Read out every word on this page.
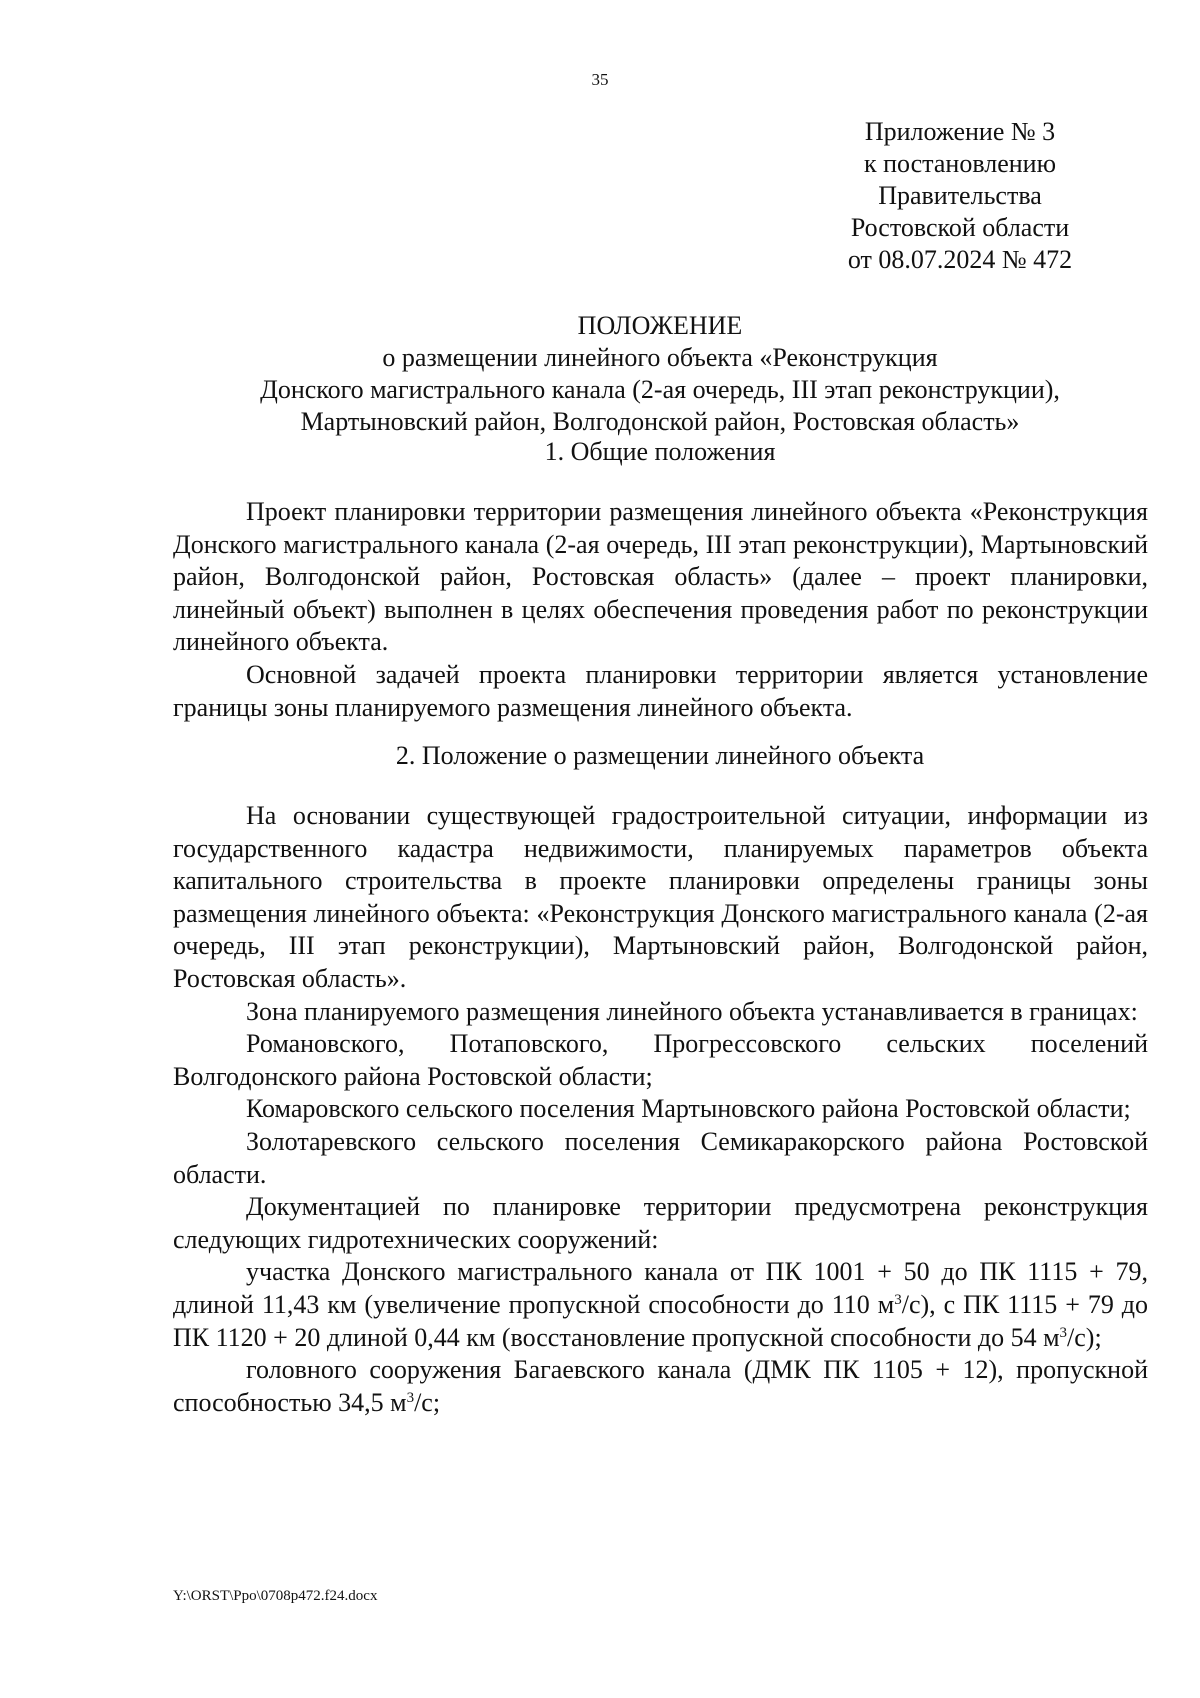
35
Приложение № 3
к постановлению
Правительства
Ростовской области
от 08.07.2024 № 472
ПОЛОЖЕНИЕ
о размещении линейного объекта «Реконструкция
Донского магистрального канала (2-ая очередь, III этап реконструкции),
Мартыновский район, Волгодонской район, Ростовская область»
1. Общие положения

Проект планировки территории размещения линейного объекта «Реконструкция Донского магистрального канала (2-ая очередь, III этап реконструкции), Мартыновский район, Волгодонской район, Ростовская область» (далее – проект планировки, линейный объект) выполнен в целях обеспечения проведения работ по реконструкции линейного объекта.

Основной задачей проекта планировки территории является установление границы зоны планируемого размещения линейного объекта.

2. Положение о размещении линейного объекта

На основании существующей градостроительной ситуации, информации из государственного кадастра недвижимости, планируемых параметров объекта капитального строительства в проекте планировки определены границы зоны размещения линейного объекта: «Реконструкция Донского магистрального канала (2-ая очередь, III этап реконструкции), Мартыновский район, Волгодонской район, Ростовская область».

Зона планируемого размещения линейного объекта устанавливается в границах:

Романовского, Потаповского, Прогрессовского сельских поселений Волгодонского района Ростовской области;

Комаровского сельского поселения Мартыновского района Ростовской области;

Золотаревского сельского поселения Семикаракорского района Ростовской области.

Документацией по планировке территории предусмотрена реконструкция следующих гидротехнических сооружений:

участка Донского магистрального канала от ПК 1001 + 50 до ПК 1115 + 79, длиной 11,43 км (увеличение пропускной способности до 110 $м^3/с$), с ПК 1115 + 79 до ПК 1120 + 20 длиной 0,44 км (восстановление пропускной способности до 54 $м^3/с$);

головного сооружения Багаевского канала (ДМК ПК 1105 + 12), пропускной способностью 34,5 $м^3/с$;

Y:\ORST\Ppo\0708p472.f24.docx
